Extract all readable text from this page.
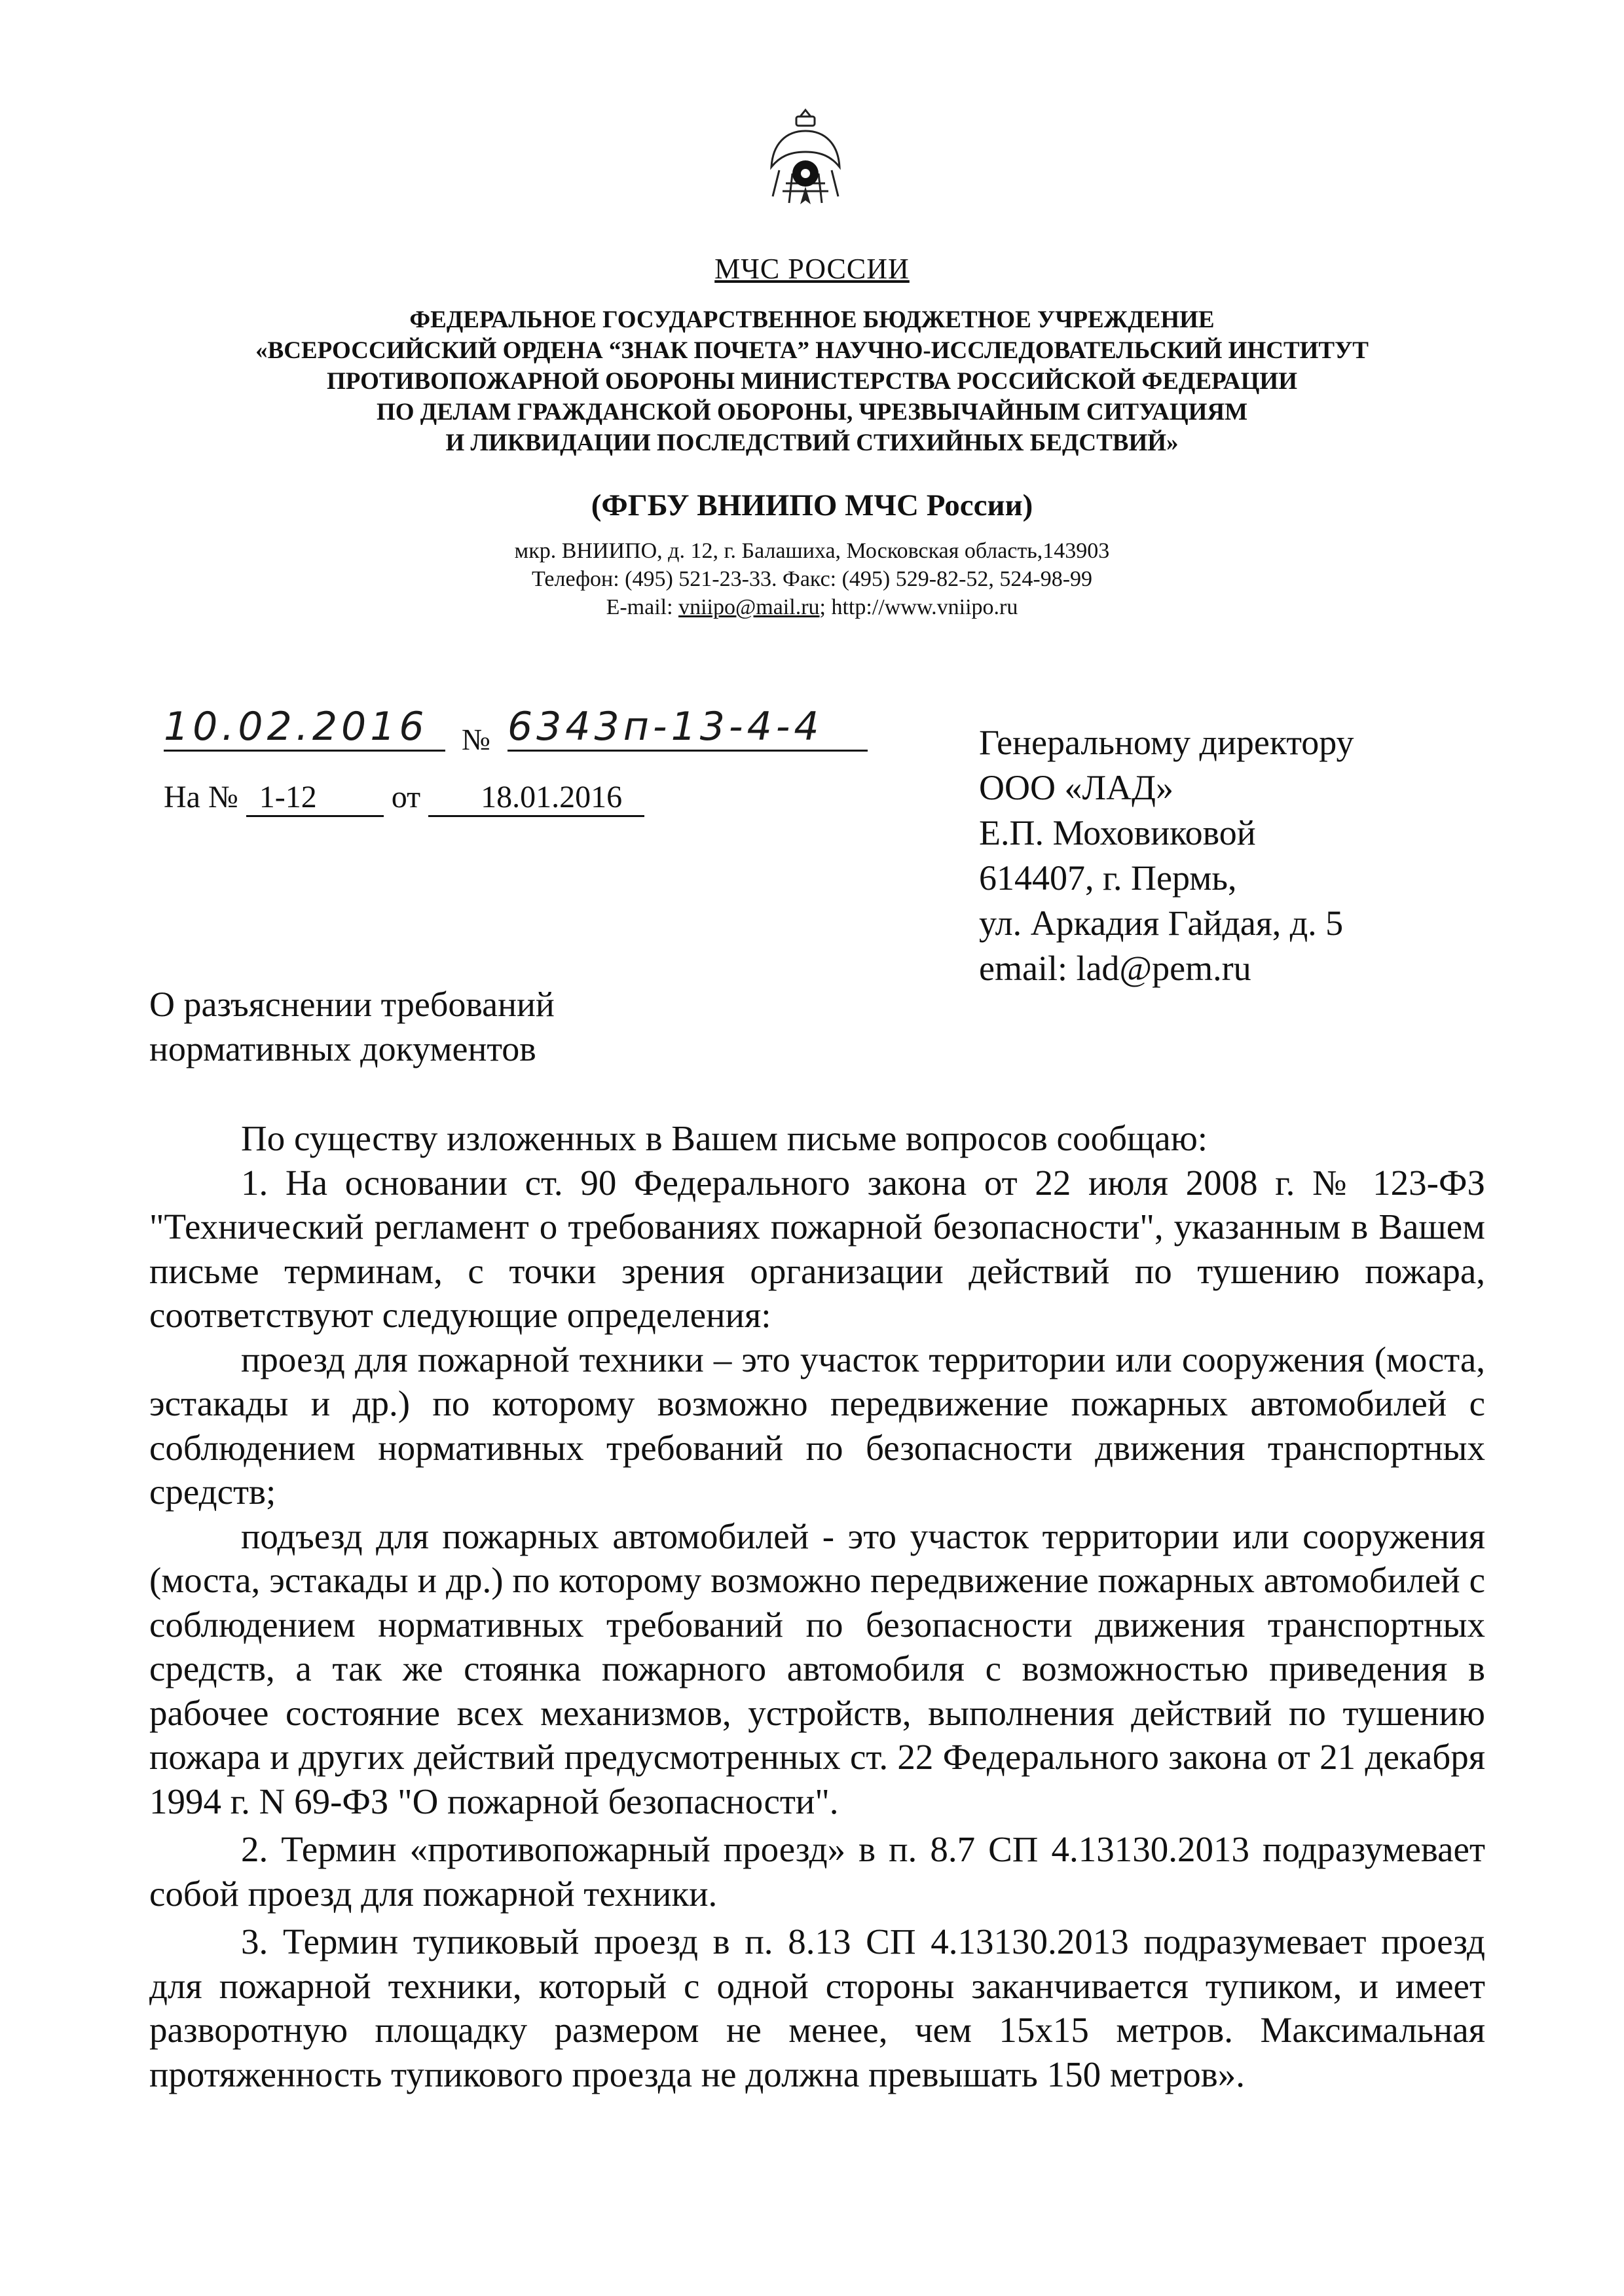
МЧС РОССИИ
ФЕДЕРАЛЬНОЕ ГОСУДАРСТВЕННОЕ БЮДЖЕТНОЕ УЧРЕЖДЕНИЕ
«ВСЕРОССИЙСКИЙ ОРДЕНА “ЗНАК ПОЧЕТА” НАУЧНО-ИССЛЕДОВАТЕЛЬСКИЙ ИНСТИТУТ
ПРОТИВОПОЖАРНОЙ ОБОРОНЫ МИНИСТЕРСТВА РОССИЙСКОЙ ФЕДЕРАЦИИ
ПО ДЕЛАМ ГРАЖДАНСКОЙ ОБОРОНЫ, ЧРЕЗВЫЧАЙНЫМ СИТУАЦИЯМ
И ЛИКВИДАЦИИ ПОСЛЕДСТВИЙ СТИХИЙНЫХ БЕДСТВИЙ»
(ФГБУ ВНИИПО МЧС России)
мкр. ВНИИПО, д. 12, г. Балашиха, Московская область,143903
Телефон: (495) 521-23-33. Факс: (495) 529-82-52, 524-98-99
E-mail: vniipo@mail.ru; http://www.vniipo.ru
10.02.2016	№ 6343п-13-4-4
На № 1-12 от 18.01.2016
Генеральному директору
ООО «ЛАД»
Е.П. Моховиковой
614407, г. Пермь,
ул. Аркадия Гайдая, д. 5
email: lad@pem.ru
О разъяснении требований
нормативных документов

По существу изложенных в Вашем письме вопросов сообщаю:

1. На основании ст. 90 Федерального закона от 22 июля 2008 г. № 123-ФЗ "Технический регламент о требованиях пожарной безопасности", указанным в Вашем письме терминам, с точки зрения организации действий по тушению пожара, соответствуют следующие определения:

проезд для пожарной техники – это участок территории или сооружения (моста, эстакады и др.) по которому возможно передвижение пожарных автомобилей с соблюдением нормативных требований по безопасности движения транспортных средств;

подъезд для пожарных автомобилей - это участок территории или сооружения (моста, эстакады и др.) по которому возможно передвижение пожарных автомобилей с соблюдением нормативных требований по безопасности движения транспортных средств, а так же стоянка пожарного автомобиля с возможностью приведения в рабочее состояние всех механизмов, устройств, выполнения действий по тушению пожара и других действий предусмотренных ст. 22 Федерального закона от 21 декабря 1994 г. N 69-ФЗ "О пожарной безопасности".

2. Термин «противопожарный проезд» в п. 8.7 СП 4.13130.2013 подразумевает собой проезд для пожарной техники.

3. Термин тупиковый проезд в п. 8.13 СП 4.13130.2013 подразумевает проезд для пожарной техники, который с одной стороны заканчивается тупиком, и имеет разворотную площадку размером не менее, чем 15х15 метров. Максимальная протяженность тупикового проезда не должна превышать 150 метров».
